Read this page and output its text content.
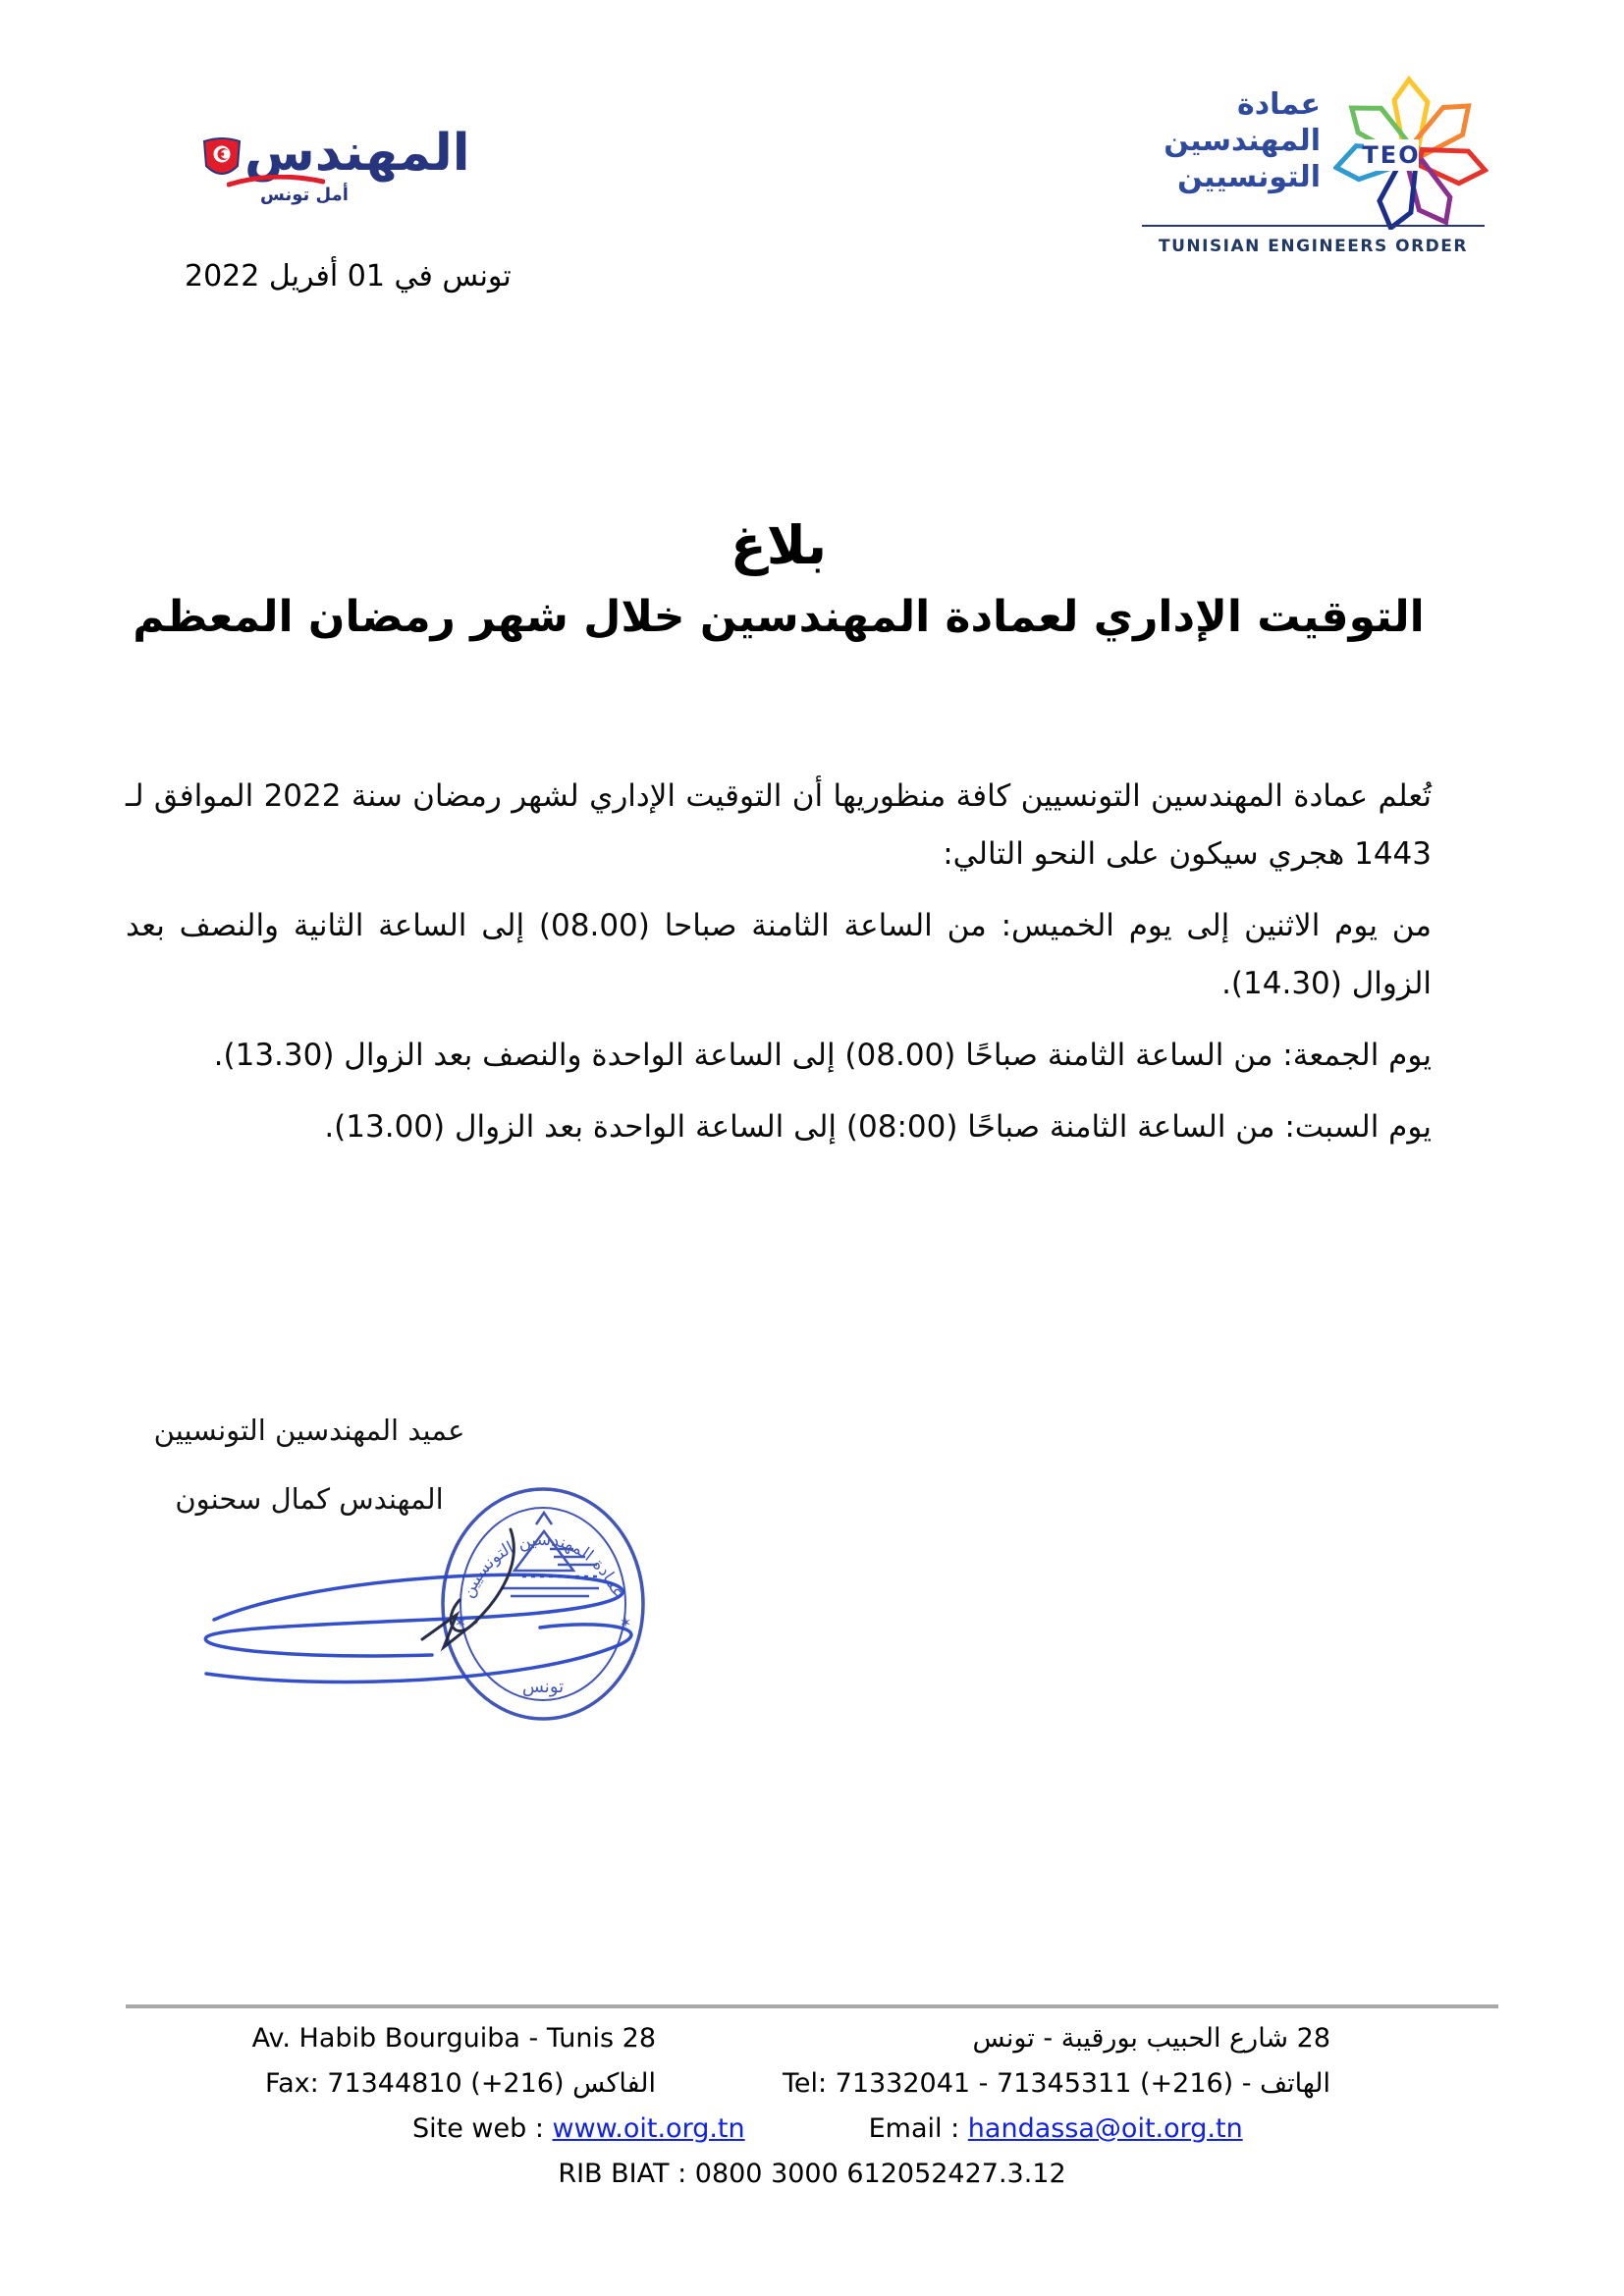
المهندس
أمل تونس
عمادة
المهندسين
التونسيين
TEO
TUNISIAN ENGINEERS ORDER
تونس في 01 أفريل 2022
بلاغ
التوقيت الإداري لعمادة المهندسين خلال شهر رمضان المعظم

تُعلم عمادة المهندسين التونسيين كافة منظوريها أن التوقيت الإداري لشهر رمضان سنة 2022 الموافق لـ 1443 هجري سيكون على النحو التالي:

من يوم الاثنين إلى يوم الخميس: من الساعة الثامنة صباحا (08.00) إلى الساعة الثانية والنصف بعد الزوال (14.30).

يوم الجمعة: من الساعة الثامنة صباحًا (08.00) إلى الساعة الواحدة والنصف بعد الزوال (13.30).

يوم السبت: من الساعة الثامنة صباحًا (08:00) إلى الساعة الواحدة بعد الزوال (13.00).

عميد المهندسين التونسيين
المهندس كمال سحنون
عمادة المهندسين التونسيين
تونس
✶	✶
28 Av. Habib Bourguiba - Tunis	28 شارع الحبيب بورقيبة - تونس
الفاكس Fax: 71344810 (+216)	الهاتف - Tel: 71332041 - 71345311 (+216)
Site web : www.oit.org.tn	Email : handassa@oit.org.tn
RIB BIAT : 0800 3000 612052427.3.12
